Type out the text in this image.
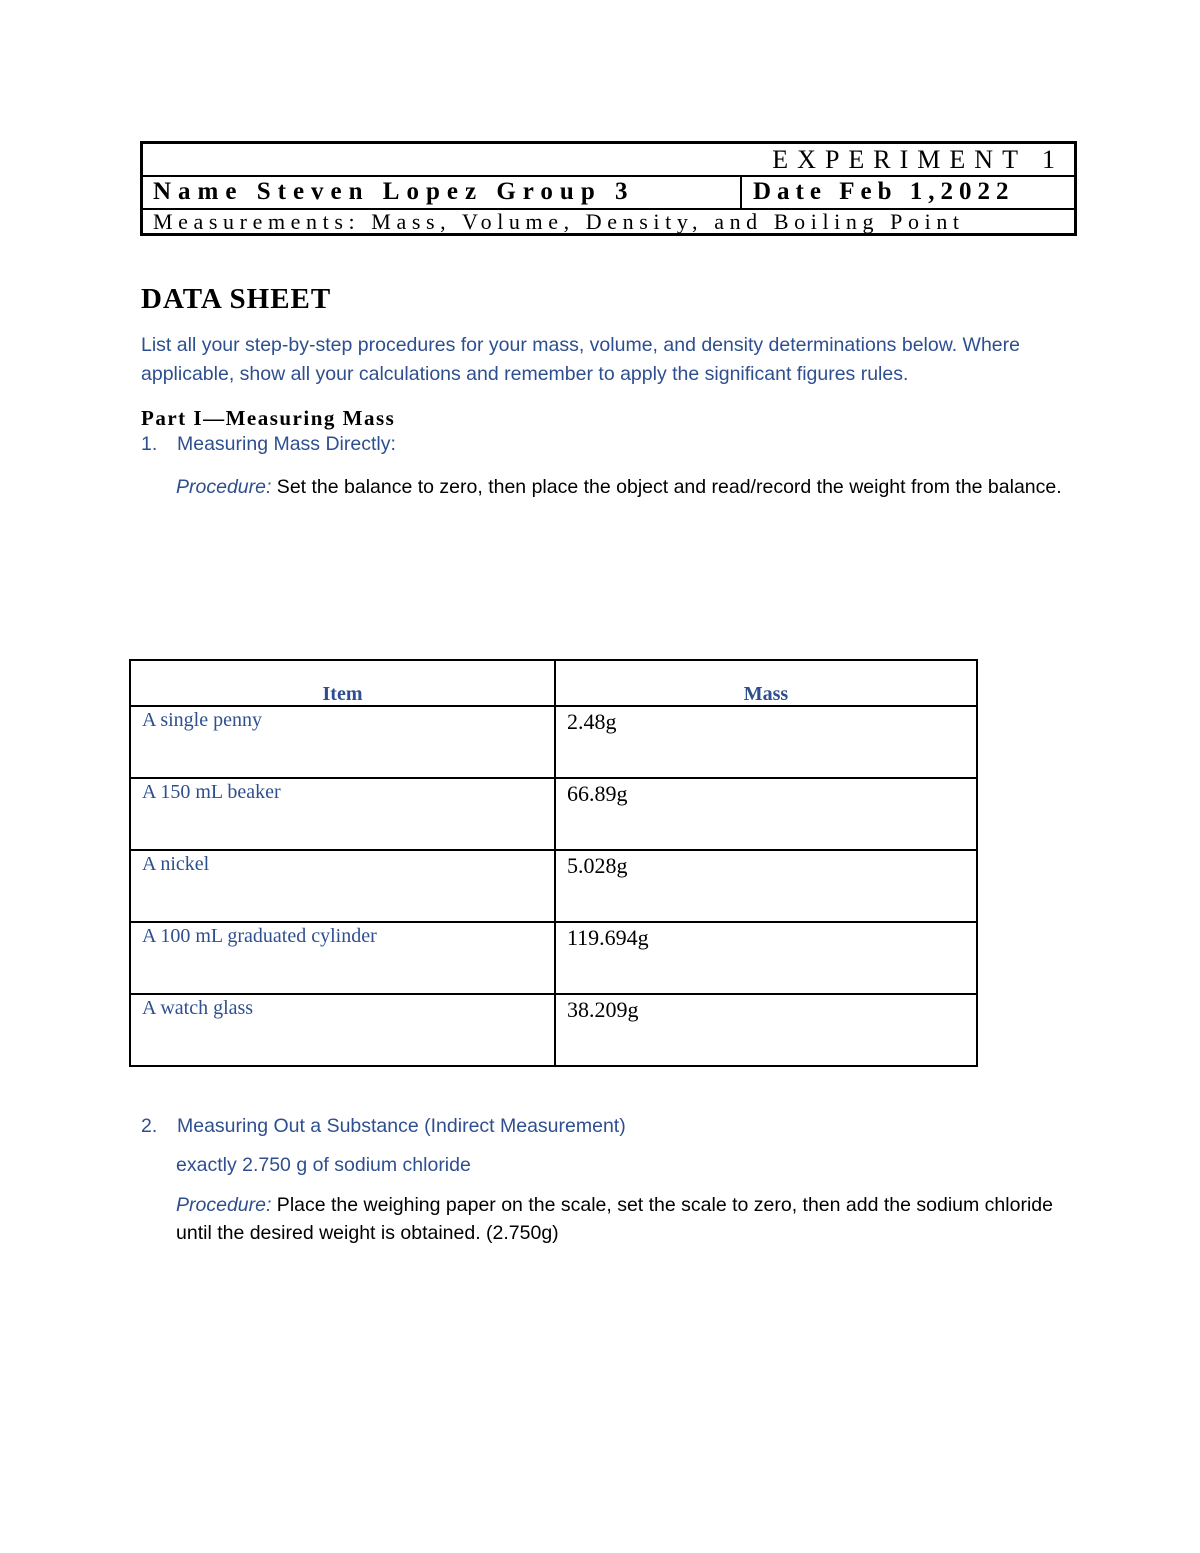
EXPERIMENT 1
Name Steven Lopez Group 3	Date Feb 1,2022
Measurements: Mass, Volume, Density, and Boiling Point
DATA SHEET

List all your step-by-step procedures for your mass, volume, and density determinations below. Where applicable, show all your calculations and remember to apply the significant figures rules.

Part I—Measuring Mass
1. Measuring Mass Directly:

Procedure: Set the balance to zero, then place the object and read/record the weight from the balance.

Item	Mass
A single penny	2.48g
A 150 mL beaker	66.89g
A nickel	5.028g
A 100 mL graduated cylinder	119.694g
A watch glass	38.209g
2. Measuring Out a Substance (Indirect Measurement)
exactly 2.750 g of sodium chloride

Procedure: Place the weighing paper on the scale, set the scale to zero, then add the sodium chloride until the desired weight is obtained. (2.750g)
